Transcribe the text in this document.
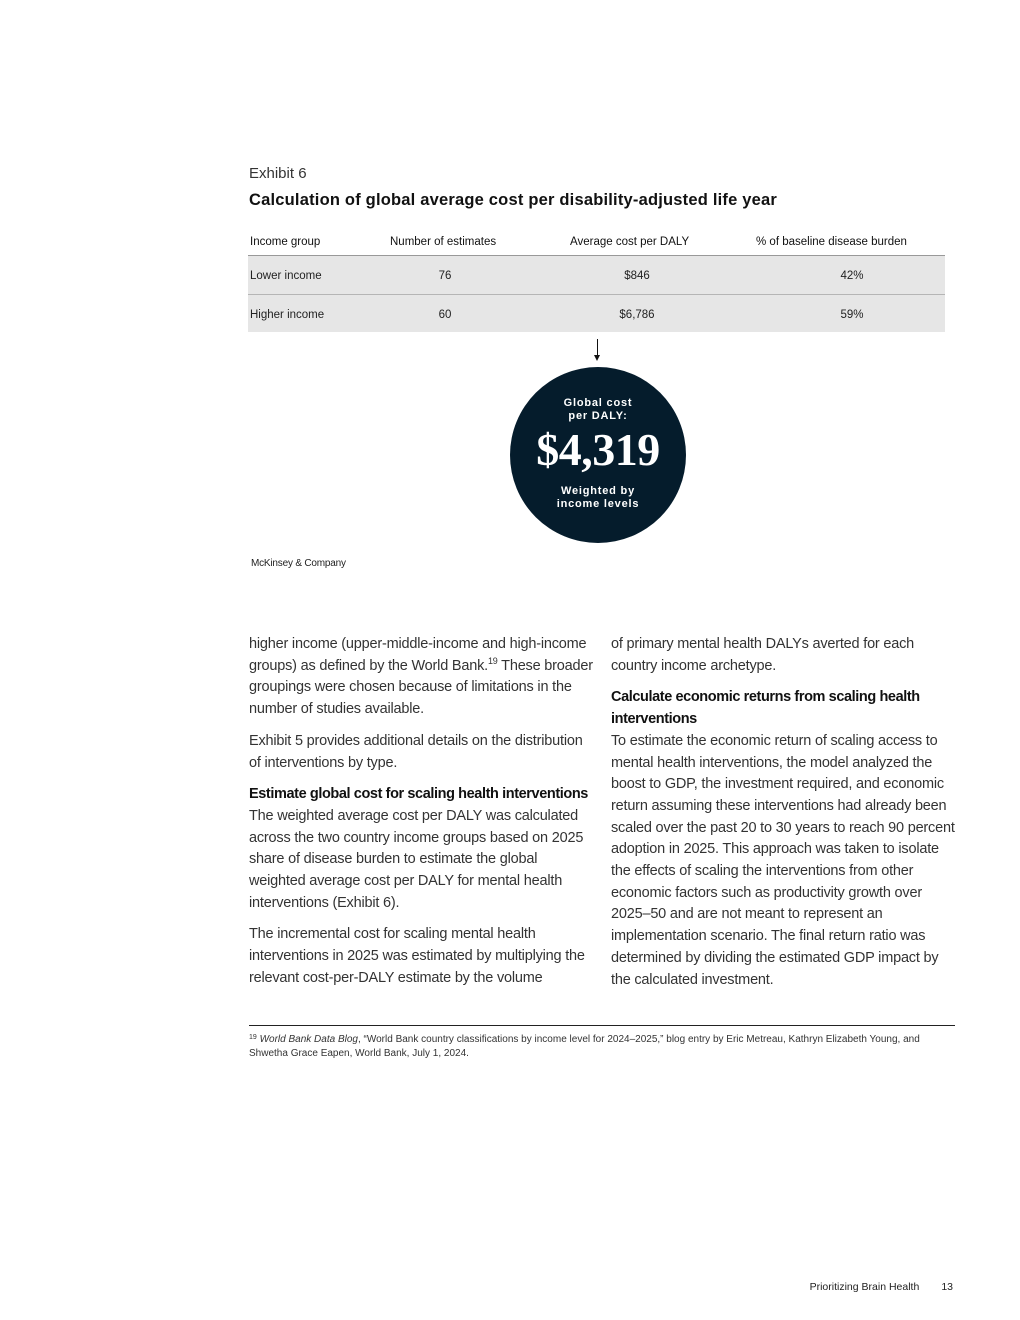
Exhibit 6
Calculation of global average cost per disability-adjusted life year
Income group	Number of estimates	Average cost per DALY	% of baseline disease burden
Lower income	76	$846	42%
Higher income	60	$6,786	59%
Global cost
per DALY:
$4,319
Weighted by
income levels
McKinsey & Company

higher income (upper-middle-income and high-income groups) as defined by the World Bank.$^{19}$ These broader groupings were chosen because of limitations in the number of studies available.

Exhibit 5 provides additional details on the distribution of interventions by type.

Estimate global cost for scaling health interventions

The weighted average cost per DALY was calculated across the two country income groups based on 2025 share of disease burden to estimate the global weighted average cost per DALY for mental health interventions (Exhibit 6).

The incremental cost for scaling mental health interventions in 2025 was estimated by multiplying the relevant cost-per-DALY estimate by the volume

of primary mental health DALYs averted for each country income archetype.

Calculate economic returns from scaling health interventions

To estimate the economic return of scaling access to mental health interventions, the model analyzed the boost to GDP, the investment required, and economic return assuming these interventions had already been scaled over the past 20 to 30 years to reach 90 percent adoption in 2025. This approach was taken to isolate the effects of scaling the interventions from other economic factors such as productivity growth over 2025–50 and are not meant to represent an implementation scenario. The final return ratio was determined by dividing the estimated GDP impact by the calculated investment.

$^{19}$ World Bank Data Blog, “World Bank country classifications by income level for 2024–2025,” blog entry by Eric Metreau, Kathryn Elizabeth Young, and Shwetha Grace Eapen, World Bank, July 1, 2024.
Prioritizing Brain Health 13
